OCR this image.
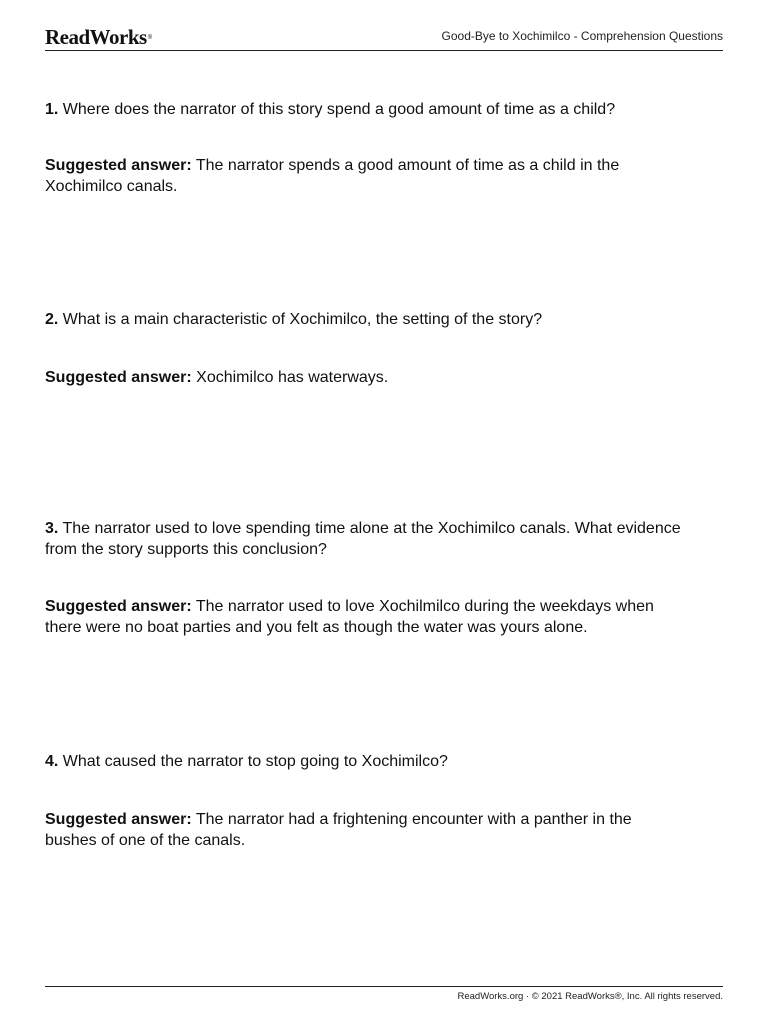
ReadWorks®	Good-Bye to Xochimilco - Comprehension Questions

1. Where does the narrator of this story spend a good amount of time as a child?

Suggested answer: The narrator spends a good amount of time as a child in the Xochimilco canals.

2. What is a main characteristic of Xochimilco, the setting of the story?

Suggested answer: Xochimilco has waterways.

3. The narrator used to love spending time alone at the Xochimilco canals. What evidence from the story supports this conclusion?

Suggested answer: The narrator used to love Xochilmilco during the weekdays when there were no boat parties and you felt as though the water was yours alone.

4. What caused the narrator to stop going to Xochimilco?

Suggested answer: The narrator had a frightening encounter with a panther in the bushes of one of the canals.

ReadWorks.org · © 2021 ReadWorks®, Inc. All rights reserved.
